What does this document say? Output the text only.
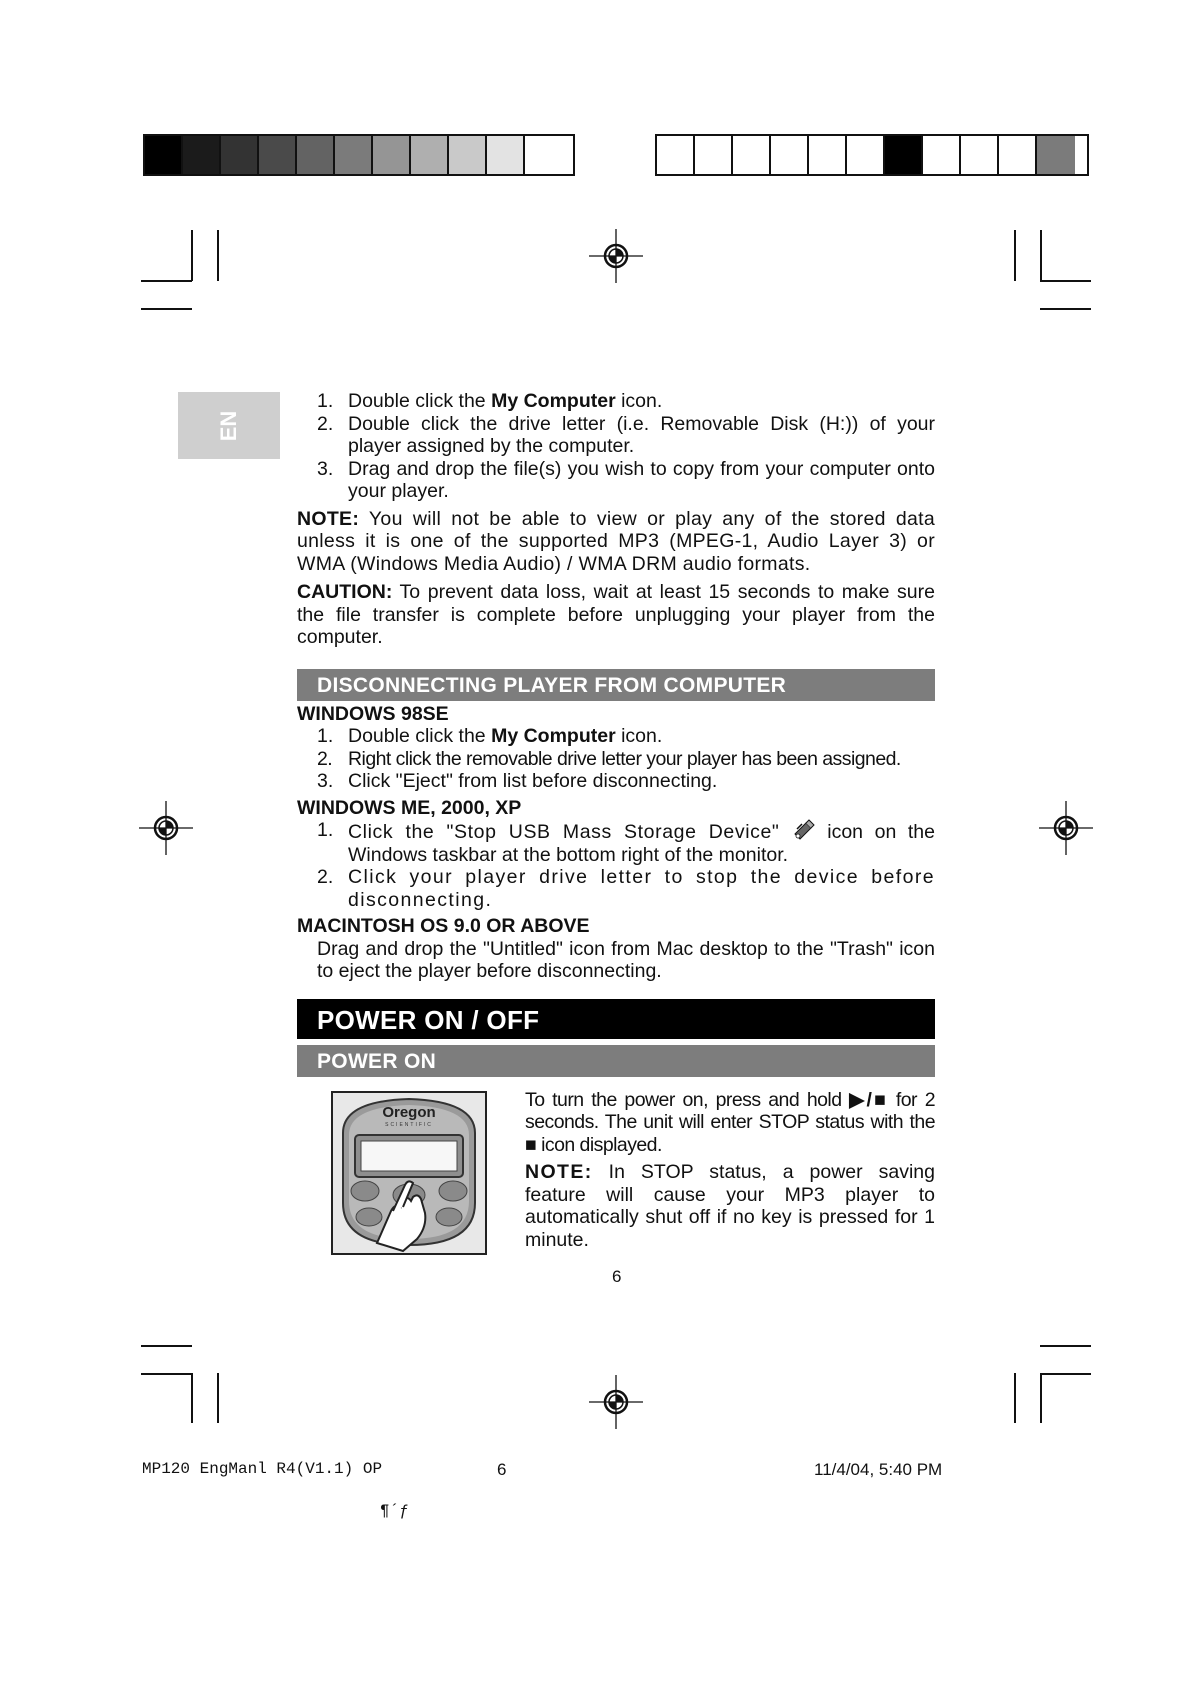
EN
1. Double click the My Computer icon.
2. Double click the drive letter (i.e. Removable Disk (H:)) of your player assigned by the computer.
3. Drag and drop the file(s) you wish to copy from your computer onto your player.
NOTE: You will not be able to view or play any of the stored data unless it is one of the supported MP3 (MPEG-1, Audio Layer 3) or WMA (Windows Media Audio) / WMA DRM audio formats.
CAUTION: To prevent data loss, wait at least 15 seconds to make sure the file transfer is complete before unplugging your player from the computer.
DISCONNECTING PLAYER FROM COMPUTER
WINDOWS 98SE
1. Double click the My Computer icon.
2. Right click the removable drive letter your player has been assigned.
3. Click "Eject" from list before disconnecting.
WINDOWS ME, 2000, XP
1. Click the "Stop USB Mass Storage Device"  icon on the Windows taskbar at the bottom right of the monitor.
2. Click your player drive letter to stop the device before disconnecting.
MACINTOSH OS 9.0 OR ABOVE
Drag and drop the "Untitled" icon from Mac desktop to the "Trash" icon to eject the player before disconnecting.
POWER ON / OFF
POWER ON
Oregon
SCIENTIFIC
To turn the power on, press and hold ▶/■ for 2 seconds. The unit will enter STOP status with the ■ icon displayed.
NOTE: In STOP status, a power saving feature will cause your MP3 player to automatically shut off if no key is pressed for 1 minute.
6
MP120 EngManl R4(V1.1) OP	6	11/4/04, 5:40 PM
¶´ƒ
